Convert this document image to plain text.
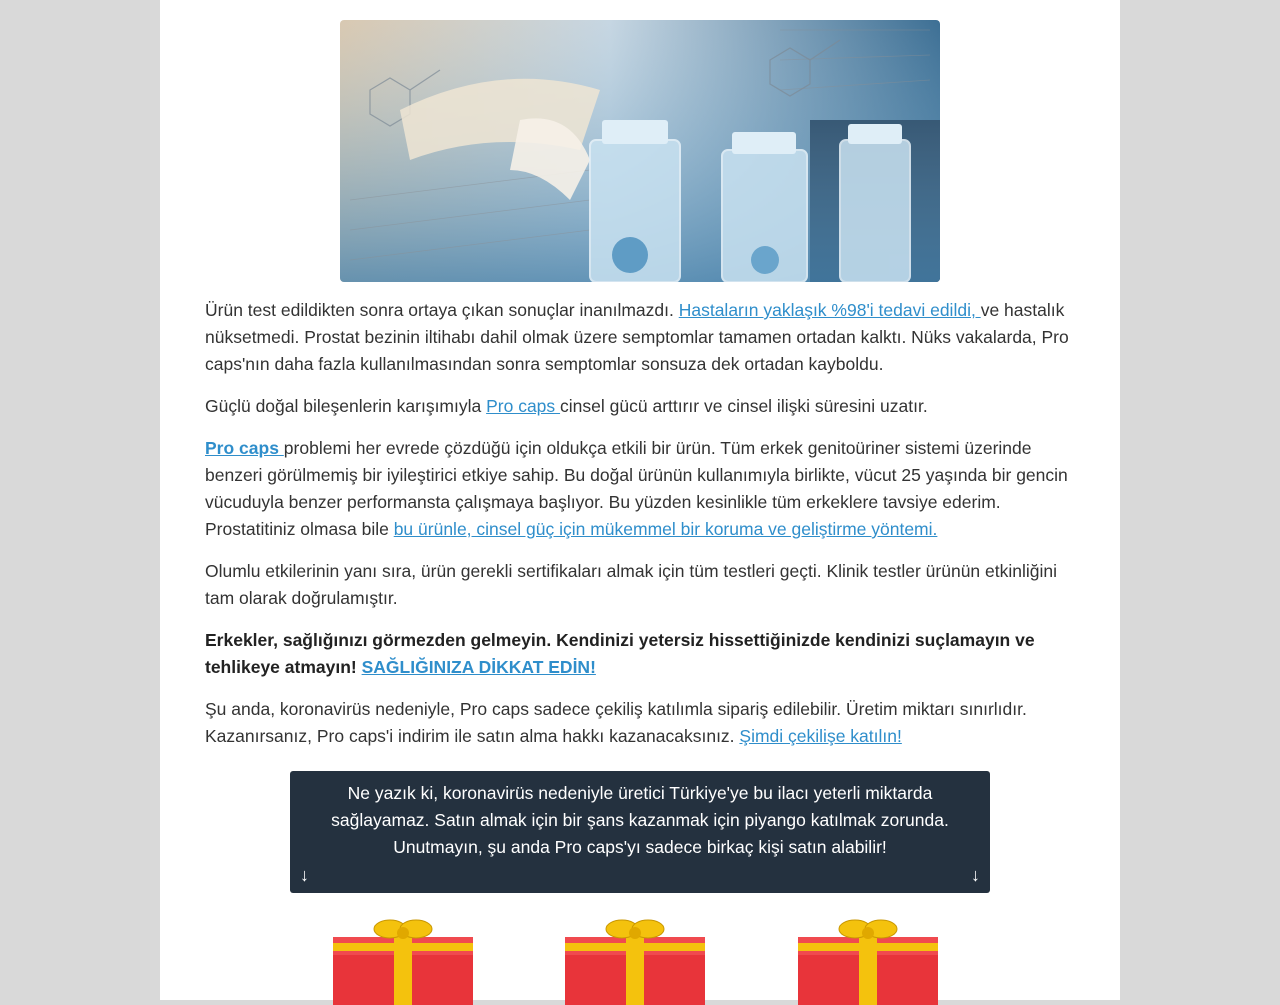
Ürün test edildikten sonra ortaya çıkan sonuçlar inanılmazdı. Hastaların yaklaşık %98'i tedavi edildi, ve hastalık nüksetmedi. Prostat bezinin iltihabı dahil olmak üzere semptomlar tamamen ortadan kalktı. Nüks vakalarda, Pro caps'nın daha fazla kullanılmasından sonra semptomlar sonsuza dek ortadan kayboldu.

Güçlü doğal bileşenlerin karışımıyla Pro caps cinsel gücü arttırır ve cinsel ilişki süresini uzatır.

Pro caps problemi her evrede çözdüğü için oldukça etkili bir ürün. Tüm erkek genitoüriner sistemi üzerinde benzeri görülmemiş bir iyileştirici etkiye sahip. Bu doğal ürünün kullanımıyla birlikte, vücut 25 yaşında bir gencin vücuduyla benzer performansta çalışmaya başlıyor. Bu yüzden kesinlikle tüm erkeklere tavsiye ederim. Prostatitiniz olmasa bile bu ürünle, cinsel güç için mükemmel bir koruma ve geliştirme yöntemi.

Olumlu etkilerinin yanı sıra, ürün gerekli sertifikaları almak için tüm testleri geçti. Klinik testler ürünün etkinliğini tam olarak doğrulamıştır.

Erkekler, sağlığınızı görmezden gelmeyin. Kendinizi yetersiz hissettiğinizde kendinizi suçlamayın ve tehlikeye atmayın! SAĞLIĞINIZA DİKKAT EDİN!

Şu anda, koronavirüs nedeniyle, Pro caps sadece çekiliş katılımla sipariş edilebilir. Üretim miktarı sınırlıdır. Kazanırsanız, Pro caps'i indirim ile satın alma hakkı kazanacaksınız. Şimdi çekilişe katılın!

Ne yazık ki, koronavirüs nedeniyle üretici Türkiye'ye bu ilacı yeterli miktarda sağlayamaz. Satın almak için bir şans kazanmak için piyango katılmak zorunda. Unutmayın, şu anda Pro caps'yı sadece birkaç kişi satın alabilir!
↓	↓
